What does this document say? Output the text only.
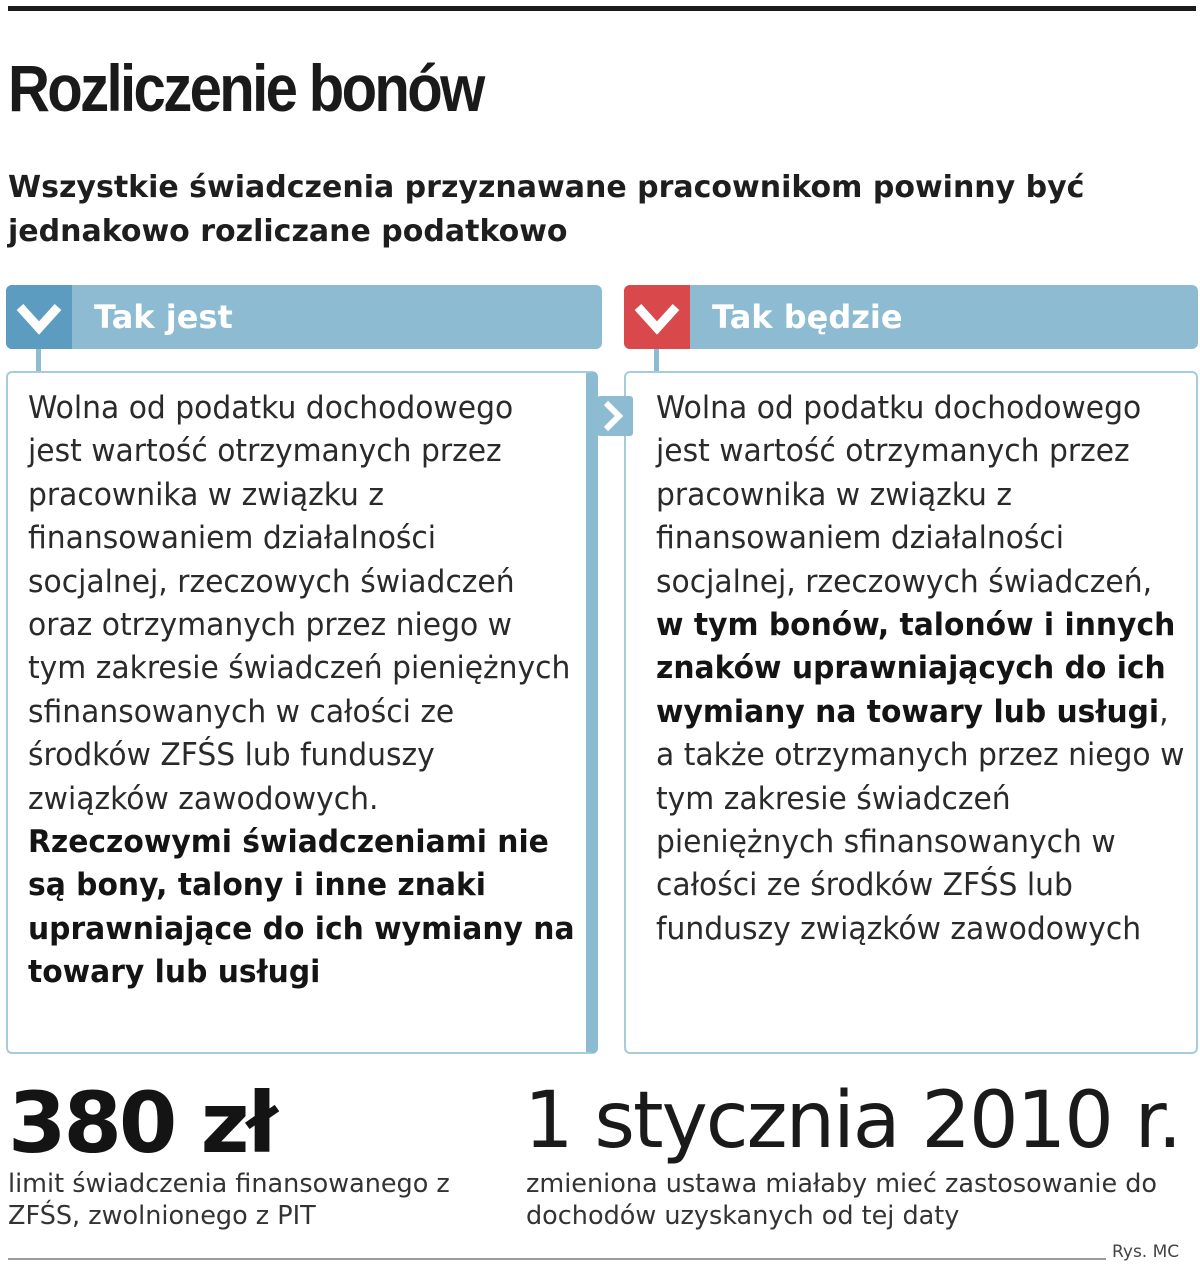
Rozliczenie bonów
Wszystkie świadczenia przyznawane pracownikom powinny być jednakowo rozliczane podatkowo
Tak jest	Tak będzie

Wolna od podatku dochodowego jest wartość otrzymanych przez pracownika w związku z finansowaniem działalności socjalnej, rzeczowych świadczeń oraz otrzymanych przez niego w tym zakresie świadczeń pieniężnych sfinansowanych w całości ze środków ZFŚS lub funduszy związków zawodowych. Rzeczowymi świadczeniami nie są bony, talony i inne znaki uprawniające do ich wymiany na towary lub usługi

Wolna od podatku dochodowego jest wartość otrzymanych przez pracownika w związku z finansowaniem działalności socjalnej, rzeczowych świadczeń, w tym bonów, talonów i innych znaków uprawniających do ich wymiany na towary lub usługi, a także otrzymanych przez niego w tym zakresie świadczeń pieniężnych sfinansowanych w całości ze środków ZFŚS lub funduszy związków zawodowych

380 zł	1 stycznia 2010 r.

limit świadczenia finansowanego z ZFŚS, zwolnionego z PIT

zmieniona ustawa miałaby mieć zastosowanie do dochodów uzyskanych od tej daty

Rys. MC
